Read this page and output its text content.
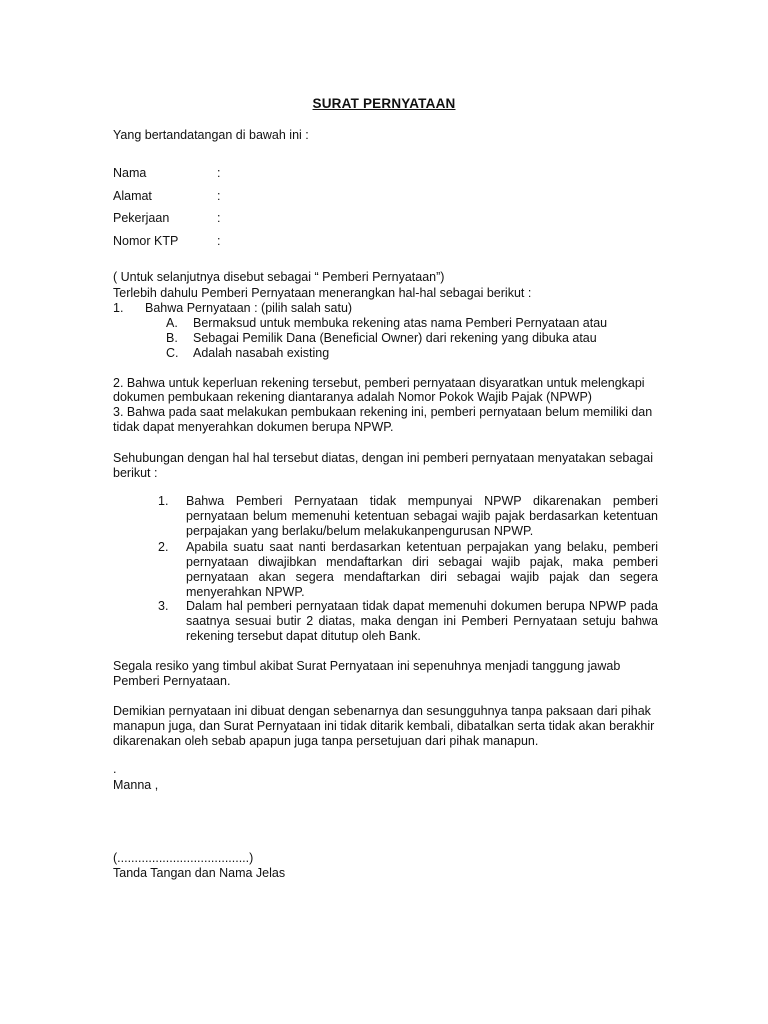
SURAT PERNYATAAN
Yang bertandatangan di bawah ini :
Nama	:
Alamat	:
Pekerjaan	:
Nomor KTP	:
( Untuk selanjutnya disebut sebagai “ Pemberi Pernyataan”)
Terlebih dahulu Pemberi Pernyataan menerangkan hal-hal sebagai berikut :
1. Bahwa Pernyataan : (pilih salah satu)
A. Bermaksud untuk membuka rekening atas nama Pemberi Pernyataan atau
B. Sebagai Pemilik Dana (Beneficial Owner) dari rekening yang dibuka atau
C. Adalah nasabah existing
2. Bahwa untuk keperluan rekening tersebut, pemberi pernyataan disyaratkan untuk melengkapi
dokumen pembukaan rekening diantaranya adalah Nomor Pokok Wajib Pajak (NPWP)
3. Bahwa pada saat melakukan pembukaan rekening ini, pemberi pernyataan belum memiliki dan
tidak dapat menyerahkan dokumen berupa NPWP.
Sehubungan dengan hal hal tersebut diatas, dengan ini pemberi pernyataan menyatakan sebagai
berikut :
1. Bahwa Pemberi Pernyataan tidak mempunyai NPWP dikarenakan pemberi pernyataan belum memenuhi ketentuan sebagai wajib pajak berdasarkan ketentuan perpajakan yang berlaku/belum melakukanpengurusan NPWP.
2. Apabila suatu saat nanti berdasarkan ketentuan perpajakan yang belaku, pemberi pernyataan diwajibkan mendaftarkan diri sebagai wajib pajak, maka pemberi pernyataan akan segera mendaftarkan diri sebagai wajib pajak dan segera menyerahkan NPWP.
3. Dalam hal pemberi pernyataan tidak dapat memenuhi dokumen berupa NPWP pada saatnya sesuai butir 2 diatas, maka dengan ini Pemberi Pernyataan setuju bahwa rekening tersebut dapat ditutup oleh Bank.
Segala resiko yang timbul akibat Surat Pernyataan ini sepenuhnya menjadi tanggung jawab
Pemberi Pernyataan.
Demikian pernyataan ini dibuat dengan sebenarnya dan sesungguhnya tanpa paksaan dari pihak
manapun juga, dan Surat Pernyataan ini tidak ditarik kembali, dibatalkan serta tidak akan berakhir
dikarenakan oleh sebab apapun juga tanpa persetujuan dari pihak manapun.
.
Manna ,
(......................................)
Tanda Tangan dan Nama Jelas
